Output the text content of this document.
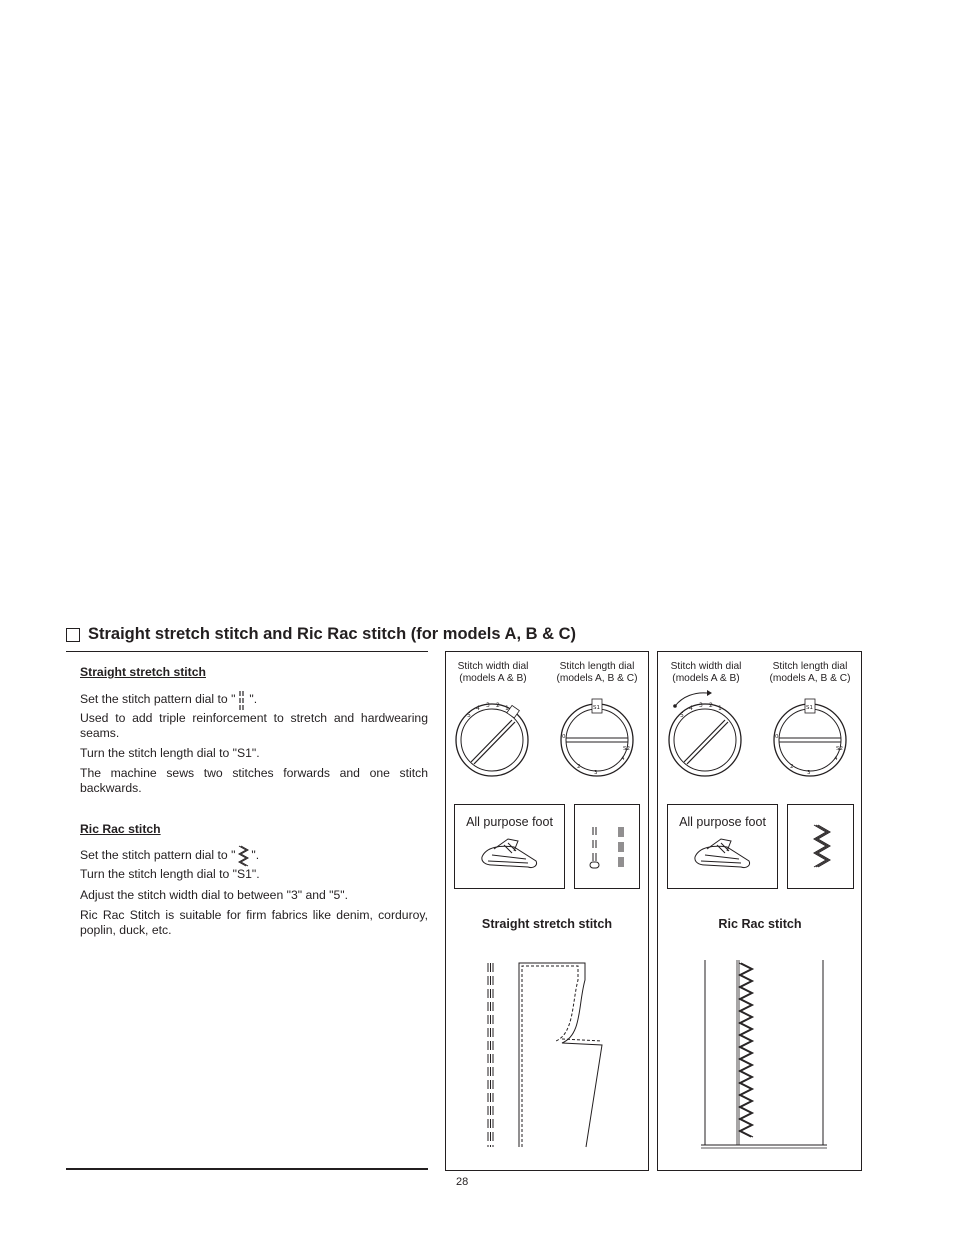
Straight stretch stitch and Ric Rac stitch (for models A, B & C)
Straight stretch stitch
Set the stitch pattern dial to " ".
Used to add triple reinforcement to stretch and hardwearing seams.
Turn the stitch length dial to "S1".
The machine sews two stitches forwards and one stitch backwards.
Ric Rac stitch
Set the stitch pattern dial to " ".
Turn the stitch length dial to "S1".
Adjust the stitch width dial to between "3" and "5".
Ric Rac Stitch is suitable for firm fabrics like denim, corduroy, poplin, duck, etc.
Stitch width dial
(models A & B)
Stitch length dial
(models A, B & C)
5
4 3 2 1	S1
0
2
3
4
S2
All purpose foot
Straight stretch stitch
Stitch width dial
(models A & B)
Stitch length dial
(models A, B & C)
5
4 3 2 1	S1
0
2
3
4
S2
All purpose foot
Ric Rac stitch
28
